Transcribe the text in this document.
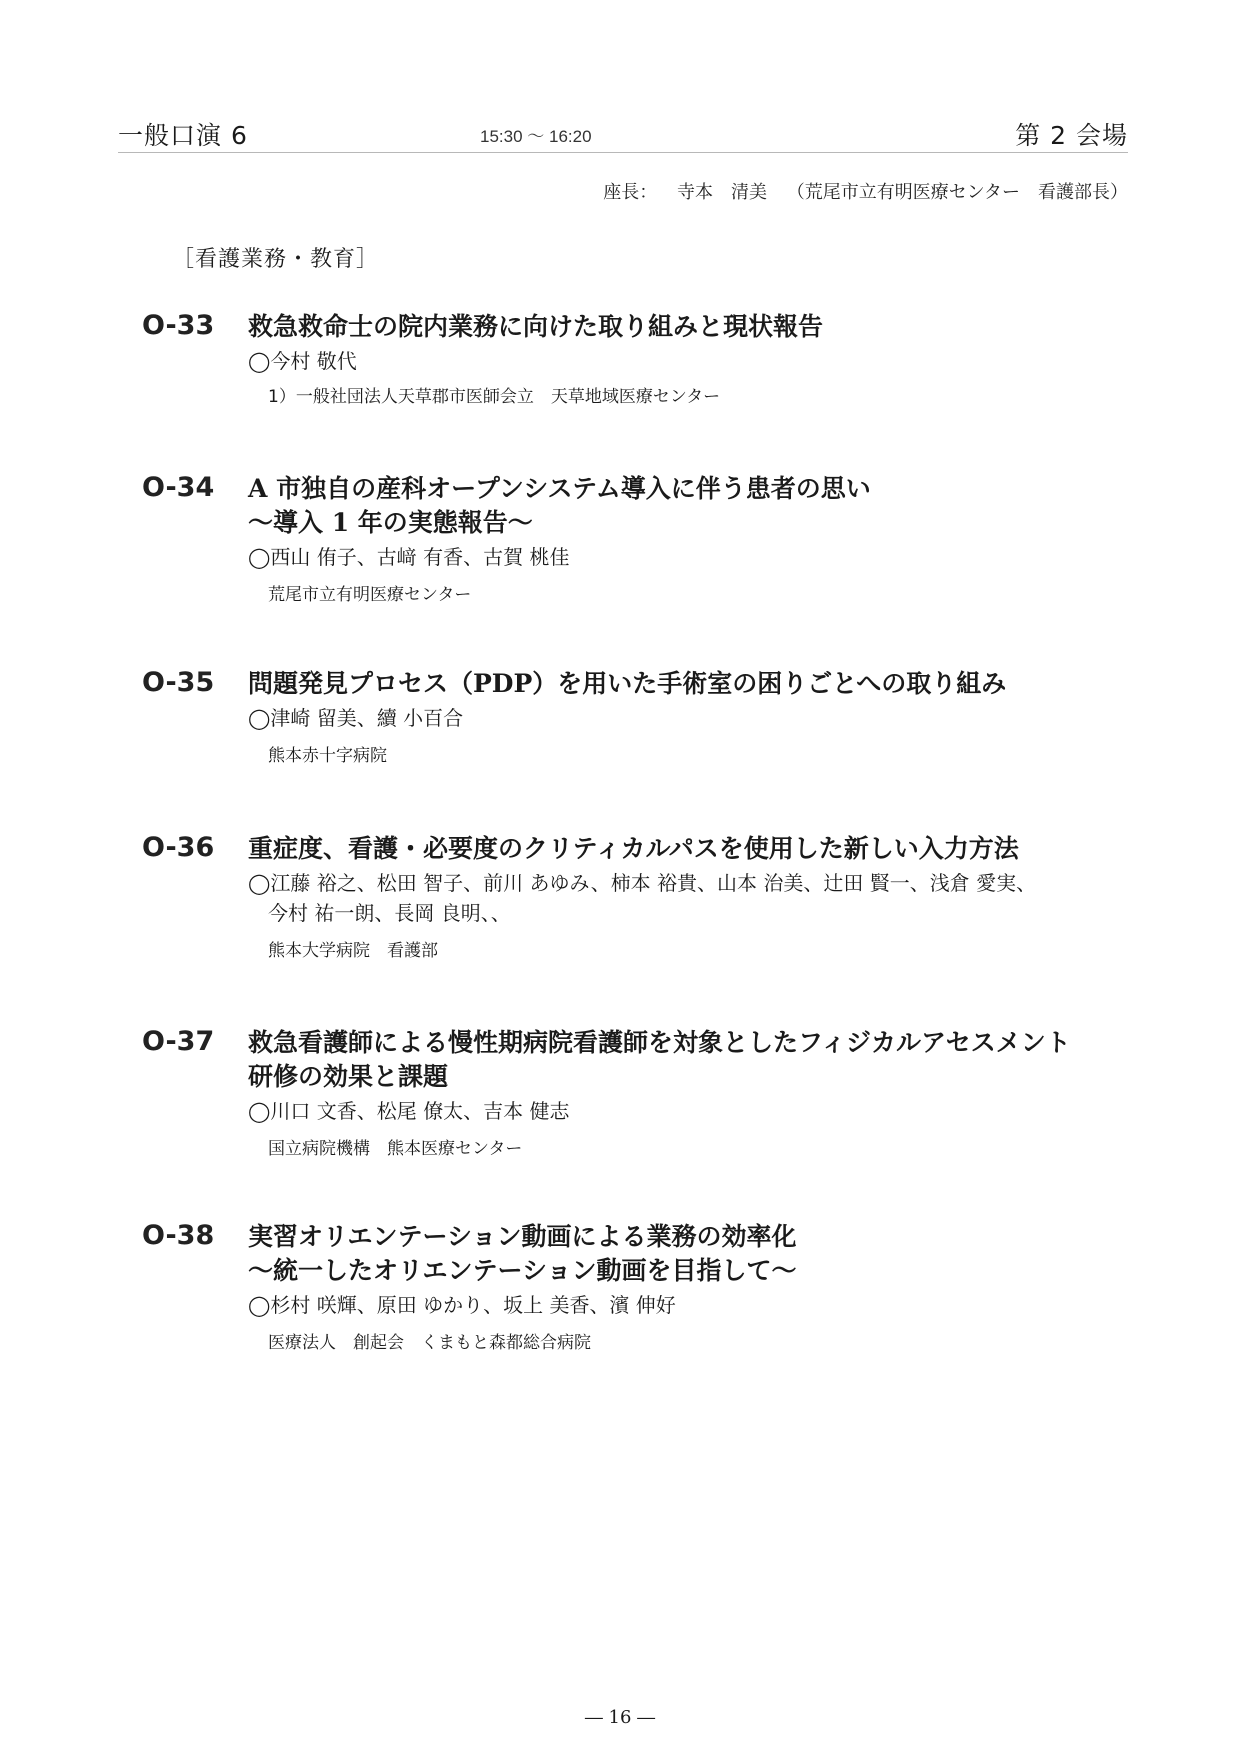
一般口演 6	15:30 ～ 16:20	第 2 会場
座長： 寺本　清美 （荒尾市立有明医療センター　看護部長）
［看護業務・教育］
O-33 救急救命士の院内業務に向けた取り組みと現状報告
◯今村 敬代
1）一般社団法人天草郡市医師会立　天草地域医療センター
O-34 A 市独自の産科オープンシステム導入に伴う患者の思い
～導入 1 年の実態報告～
◯西山 侑子、古﨑 有香、古賀 桃佳
荒尾市立有明医療センター
O-35 問題発見プロセス（PDP）を用いた手術室の困りごとへの取り組み
◯津崎 留美、續 小百合
熊本赤十字病院
O-36 重症度、看護・必要度のクリティカルパスを使用した新しい入力方法
◯江藤 裕之、松田 智子、前川 あゆみ、柿本 裕貴、山本 治美、辻田 賢一、浅倉 愛実、
　今村 祐一朗、長岡 良明、、
熊本大学病院　看護部
O-37 救急看護師による慢性期病院看護師を対象としたフィジカルアセスメント
研修の効果と課題
◯川口 文香、松尾 僚太、吉本 健志
国立病院機構　熊本医療センター
O-38 実習オリエンテーション動画による業務の効率化
～統一したオリエンテーション動画を目指して～
◯杉村 咲輝、原田 ゆかり、坂上 美香、濱 伸好
医療法人　創起会　くまもと森都総合病院
― 16 ―
